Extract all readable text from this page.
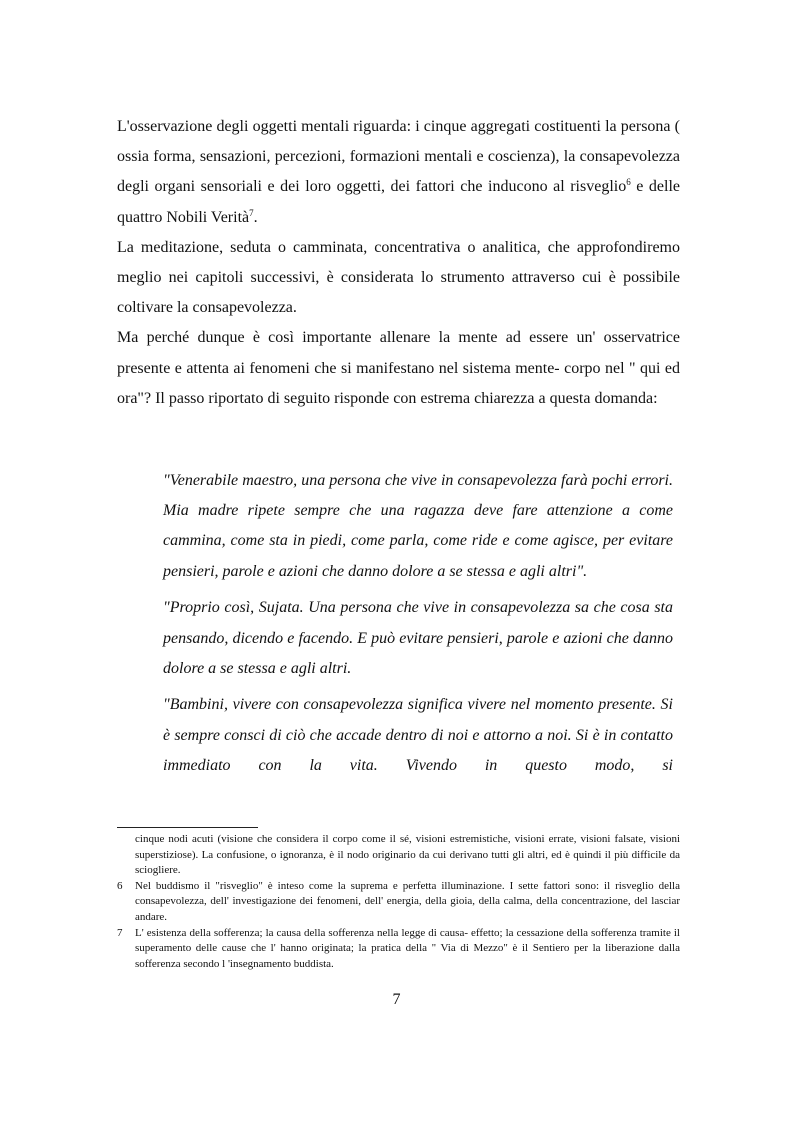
L'osservazione degli oggetti mentali riguarda: i cinque aggregati costituenti la persona ( ossia forma, sensazioni, percezioni, formazioni mentali e coscienza), la consapevolezza degli organi sensoriali e dei loro oggetti, dei fattori che inducono al risveglio$^6$ e delle quattro Nobili Verità$^7$.

La meditazione, seduta o camminata, concentrativa o analitica, che approfondiremo meglio nei capitoli successivi, è considerata lo strumento attraverso cui è possibile coltivare la consapevolezza.

Ma perché dunque è così importante allenare la mente ad essere un' osservatrice presente e attenta ai fenomeni che si manifestano nel sistema mente- corpo nel " qui ed ora"? Il passo riportato di seguito risponde con estrema chiarezza a questa domanda:

"Venerabile maestro, una persona che vive in consapevolezza farà pochi errori. Mia madre ripete sempre che una ragazza deve fare attenzione a come cammina, come sta in piedi, come parla, come ride e come agisce, per evitare pensieri, parole e azioni che danno dolore a se stessa e agli altri".

"Proprio così, Sujata. Una persona che vive in consapevolezza sa che cosa sta pensando, dicendo e facendo. E può evitare pensieri, parole e azioni che danno dolore a se stessa e agli altri.

"Bambini, vivere con consapevolezza significa vivere nel momento presente. Si è sempre consci di ciò che accade dentro di noi e attorno a noi. Si è in contatto immediato con la vita. Vivendo in questo modo, si

cinque nodi acuti (visione che considera il corpo come il sé, visioni estremistiche, visioni errate, visioni falsate, visioni superstiziose). La confusione, o ignoranza, è il nodo originario da cui derivano tutti gli altri, ed è quindi il più difficile da sciogliere.
6 Nel buddismo il "risveglio" è inteso come la suprema e perfetta illuminazione. I sette fattori sono: il risveglio della consapevolezza, dell' investigazione dei fenomeni, dell' energia, della gioia, della calma, della concentrazione, del lasciar andare.
7 L' esistenza della sofferenza; la causa della sofferenza nella legge di causa- effetto; la cessazione della sofferenza tramite il superamento delle cause che l' hanno originata; la pratica della " Via di Mezzo" è il Sentiero per la liberazione dalla sofferenza secondo l 'insegnamento buddista.
7
